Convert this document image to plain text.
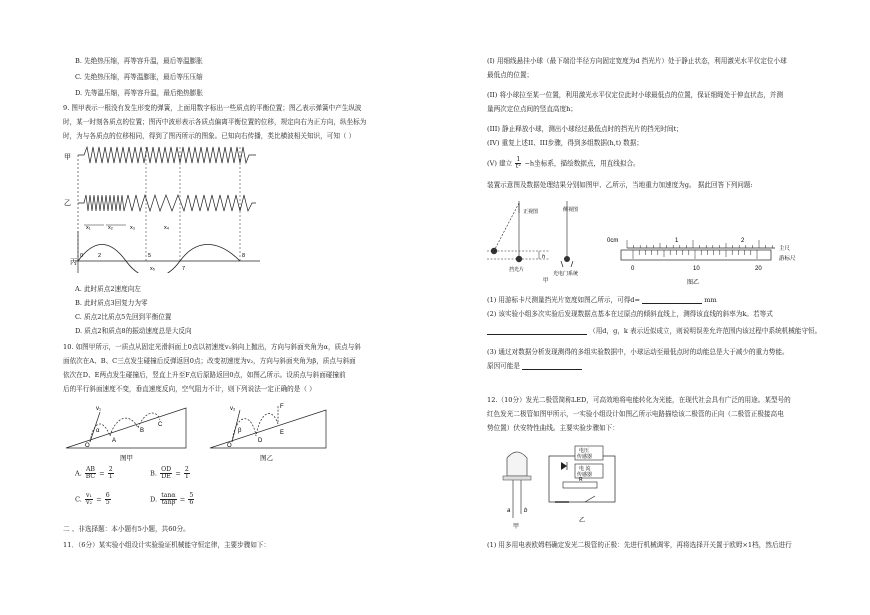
B. 先绝热压缩，再等容升温，最后等温膨胀
C. 先绝热压缩，再等温膨胀，最后等压压缩
D. 先等温压缩，再等容升温，最后绝热膨胀
9. 图甲表示一根没有发生形变的弹簧，上面用数字标出一些质点的平衡位置；图乙表示弹簧中产生纵波
时，某一时刻各质点的位置；图丙中波形表示各质点偏离平衡位置的位移，规定向右为正方向，纵坐标为
时，为与各质点的位移相同，得到了图丙所示的图象。已知向右传播，类比横波相关知识，可知（ ）
甲
乙
x₁	x₂	x₃
丙
0	2	5
7
x₅
8
x₄
A. 此时质点2速度向左
B. 此时质点3回复力为零
C. 质点2比质点5先回到平衡位置
D. 质点2和质点8的振动速度总是大反向
10. 如图甲所示，一质点从固定光滑斜面上0点以初速度v₁斜向上抛出，方向与斜面夹角为α，质点与斜
面依次在A、B、C三点发生碰撞后反弹返回0点；改变初速度为v₂，方向与斜面夹角为β，质点与斜面
依次在D、E两点发生碰撞后，竖直上升至F点后原路返回0点，如图乙所示。设质点与斜面碰撞前
后的平行斜面速度不变，垂直速度反向，空气阻力不计，则下列说法一定正确的是（ ）
v₁
α
O
A
B
C
图甲
v₂
β
O
D
E
F
图乙
A. $\frac{AB}{BC} = \frac{2}{1}$	B. $\frac{OD}{DE} = \frac{2}{1}$
C. $\frac{\text{v₁}}{\text{v₂}} = \frac{6}{5}$	D. $\frac{\tan\alpha}{\tan\beta} = \frac{5}{6}$
二 、非选择题：本小题有5小题，共60分。
11．（6分）某实验小组设计实验验证机械能守恒定律，主要步骤如下：
(I) 用细线悬挂小球（最下端沿半径方向固定宽度为d 挡光片）处于静止状态，利用激光水平仪定位小球
最低点的位置；
(II) 将小球拉至某一位置，利用激光水平仪定位此时小球最低点的位置，保证细绳处于伸直状态，并测
量两次定位点间的竖直高度h；
(III) 静止释放小球，测出小球经过最低点时的挡光片的挡光时间t；
(IV) 重复上述II、III步骤，得到多组数据(h,t) 数据；
(V) 建立 $\frac{1}{\text{t²}} -h$坐标系，描绘数据点，用直线拟合。
装置示意图及数据处理结果分别如图甲、乙所示，当地重力加速度为g。 据此回答下列问题:
h
正视图
挡光片
侧视图
光电门系统
甲
0cm	1	2
主尺
0	10	20
游标尺
图乙
(1) 用游标卡尺测量挡光片宽度如图乙所示，可得d=	mm
(2) 该实验小组多次实验后发现数据点基本在过原点的倾斜直线上，测得该直线的斜率为k。若等式
（用d，g，k 表示近似成立，则说明误差允许范围内该过程中系统机械能守恒。
(3) 通过对数据分析发现测得的多组实验数据中，小球运动至最低点时的动能总是大于减少的重力势能。
原因可能是
12.（10分）发光二极管简称LED，可高效地将电能转化为光能，在现代社会具有广泛的用途。某型号的
红色发光二极管如图甲所示，一实验小组设计如图乙所示电路描绘该二极管的正向（二极管正极接高电
势位置）伏安特性曲线。主要实验步骤如下：
a b
甲
电压
传感器
电 流
传感器
R
乙
(1) 用多用电表欧姆档确定发光二极管的正极：先进行机械调零，再将选择开关置于欧姆×1档，然后进行
